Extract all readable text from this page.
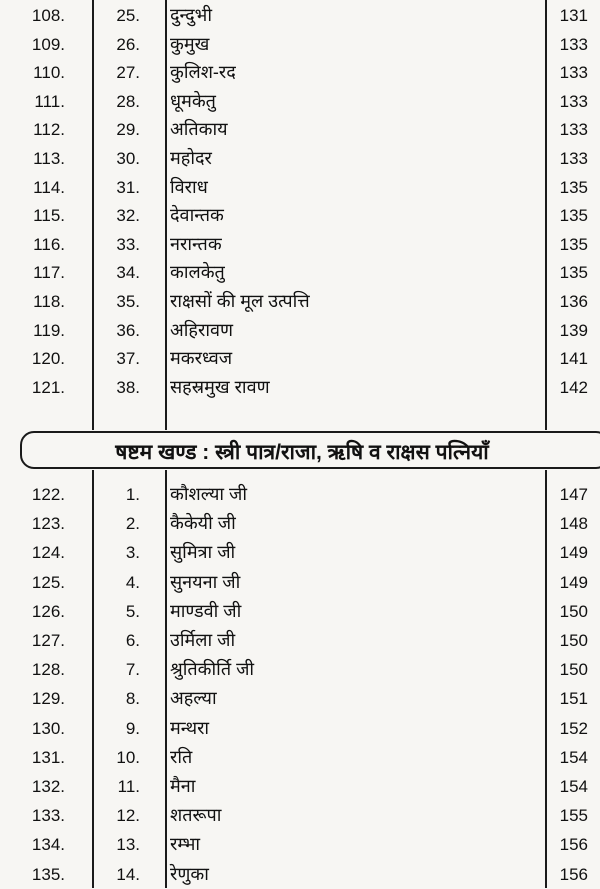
108.	25. दुन्दुभी	131
109.	26. कुमुख	133
110.	27. कुलिश-रद	133
111.	28. धूमकेतु	133
112.	29. अतिकाय	133
113.	30. महोदर	133
114.	31. विराध	135
115.	32. देवान्तक	135
116.	33. नरान्तक	135
117.	34. कालकेतु	135
118.	35. राक्षसों की मूल उत्पत्ति	136
119.	36. अहिरावण	139
120.	37. मकरध्वज	141
121.	38. सहस्रमुख रावण	142
षष्टम खण्ड : स्त्री पात्र/राजा, ऋषि व राक्षस पत्नियाँ
122.	1. कौशल्या जी	147
123.	2. कैकेयी जी	148
124.	3. सुमित्रा जी	149
125.	4. सुनयना जी	149
126.	5. माण्डवी जी	150
127.	6. उर्मिला जी	150
128.	7. श्रुतिकीर्ति जी	150
129.	8. अहल्या	151
130.	9. मन्थरा	152
131.	10. रति	154
132.	11. मैना	154
133.	12. शतरूपा	155
134.	13. रम्भा	156
135.	14. रेणुका	156
